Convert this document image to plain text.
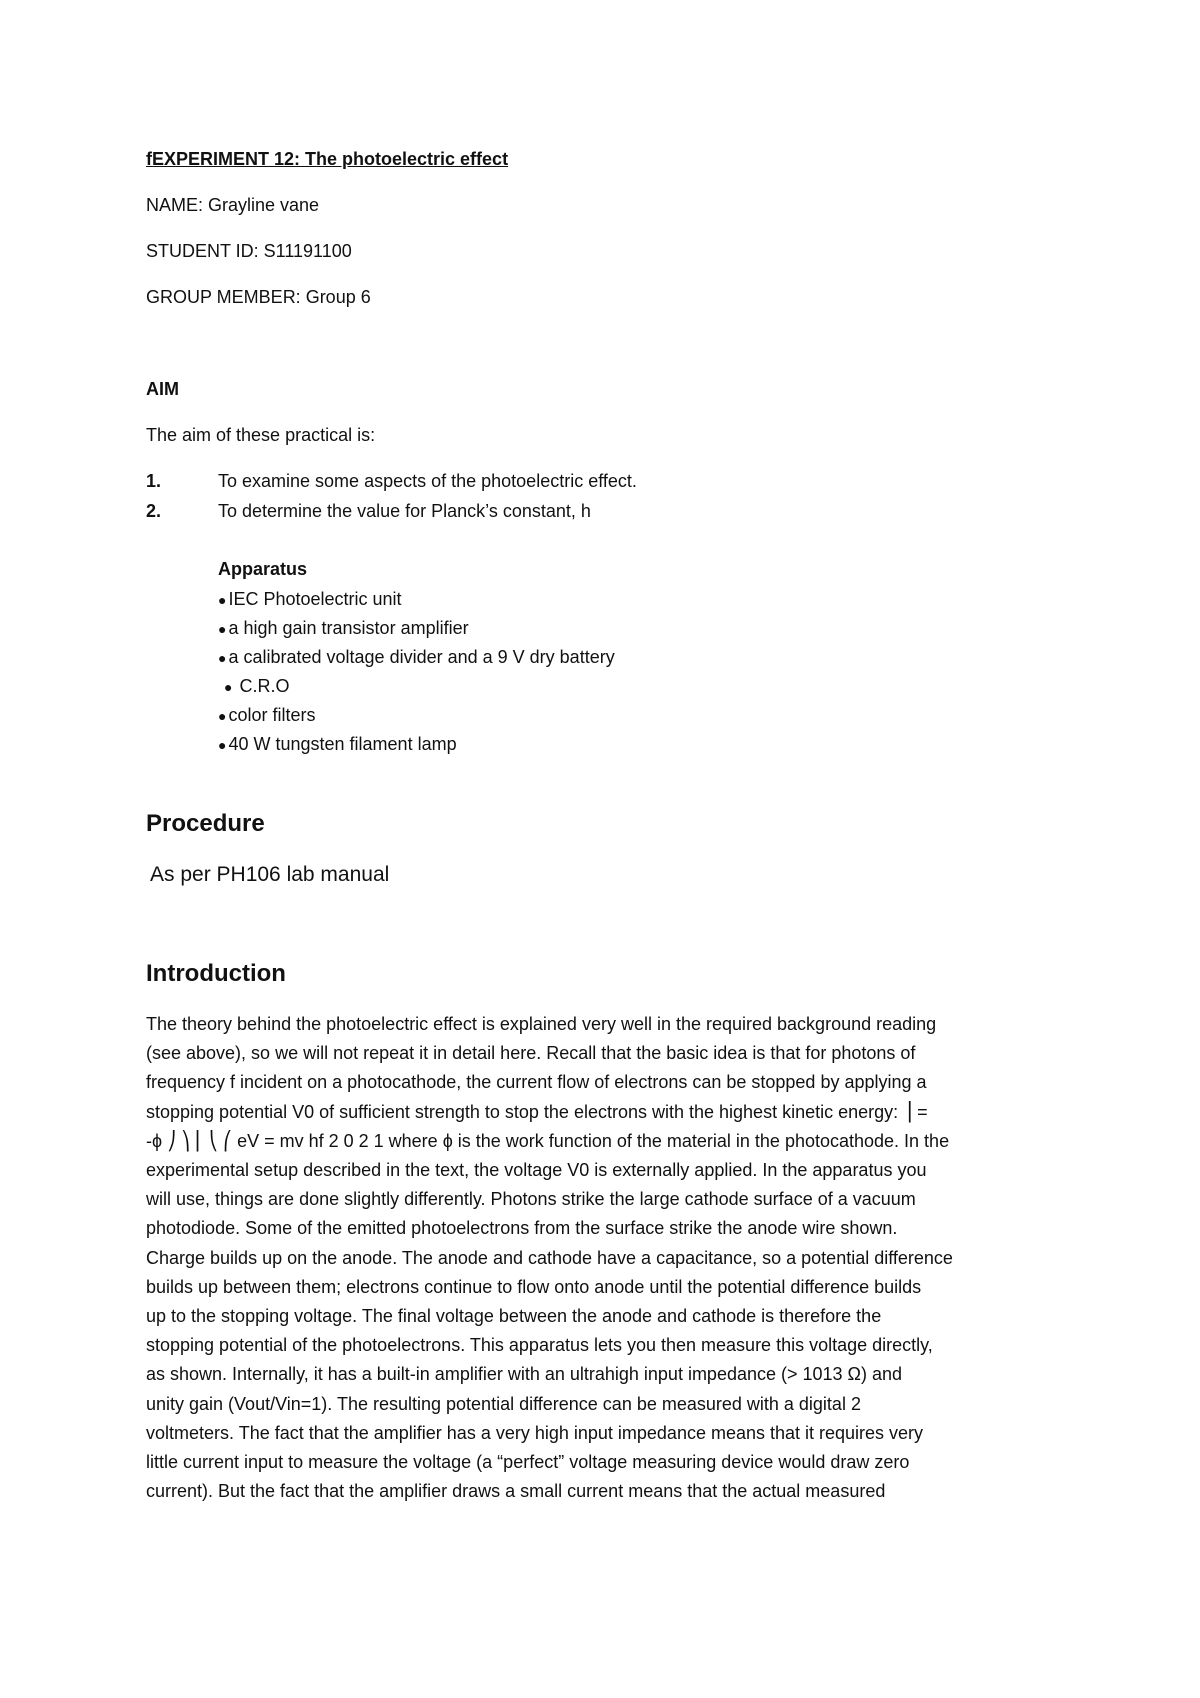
fEXPERIMENT 12: The photoelectric effect
NAME: Grayline vane
STUDENT ID: S11191100
GROUP MEMBER: Group 6
AIM
The aim of these practical is:
1.	To examine some aspects of the photoelectric effect.
2.	To determine the value for Planck’s constant, h
Apparatus
● IEC Photoelectric unit
● a high gain transistor amplifier
● a calibrated voltage divider and a 9 V dry battery
● C.R.O
● color filters
● 40 W tungsten filament lamp
Procedure
As per PH106 lab manual
Introduction

The theory behind the photoelectric effect is explained very well in the required background reading
(see above), so we will not repeat it in detail here. Recall that the basic idea is that for photons of
frequency f incident on a photocathode, the current flow of electrons can be stopped by applying a
stopping potential V0 of sufficient strength to stop the electrons with the highest kinetic energy: ⎟ =
-ϕ ⎠ ⎞ ⎜ ⎝ ⎛ eV = mv hf 2 0 2 1 where ϕ is the work function of the material in the photocathode. In the
experimental setup described in the text, the voltage V0 is externally applied. In the apparatus you
will use, things are done slightly differently. Photons strike the large cathode surface of a vacuum
photodiode. Some of the emitted photoelectrons from the surface strike the anode wire shown.
Charge builds up on the anode. The anode and cathode have a capacitance, so a potential difference
builds up between them; electrons continue to flow onto anode until the potential difference builds
up to the stopping voltage. The final voltage between the anode and cathode is therefore the
stopping potential of the photoelectrons. This apparatus lets you then measure this voltage directly,
as shown. Internally, it has a built-in amplifier with an ultrahigh input impedance (> 1013 Ω) and
unity gain (Vout/Vin=1). The resulting potential difference can be measured with a digital 2
voltmeters. The fact that the amplifier has a very high input impedance means that it requires very
little current input to measure the voltage (a “perfect” voltage measuring device would draw zero
current). But the fact that the amplifier draws a small current means that the actual measured
